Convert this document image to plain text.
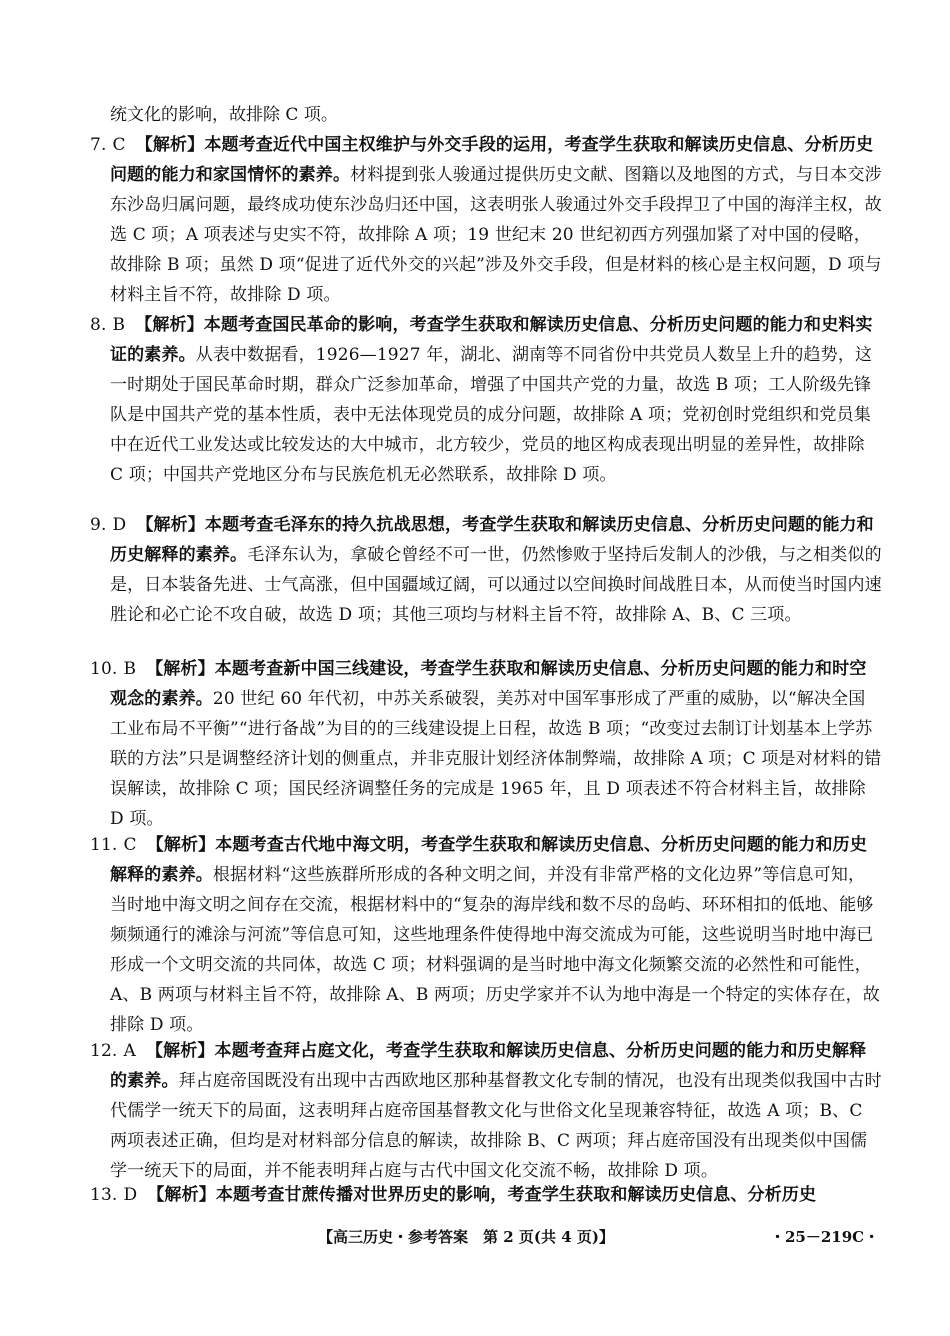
统文化的影响，故排除 C 项。
7. C 【解析】本题考查近代中国主权维护与外交手段的运用，考查学生获取和解读历史信息、分析历史问题的能力和家国情怀的素养。材料提到张人骏通过提供历史文献、图籍以及地图的方式，与日本交涉东沙岛归属问题，最终成功使东沙岛归还中国，这表明张人骏通过外交手段捍卫了中国的海洋主权，故选 C 项；A 项表述与史实不符，故排除 A 项；19 世纪末 20 世纪初西方列强加紧了对中国的侵略，故排除 B 项；虽然 D 项“促进了近代外交的兴起”涉及外交手段，但是材料的核心是主权问题，D 项与材料主旨不符，故排除 D 项。
8. B 【解析】本题考查国民革命的影响，考查学生获取和解读历史信息、分析历史问题的能力和史料实证的素养。从表中数据看，1926—1927 年，湖北、湖南等不同省份中共党员人数呈上升的趋势，这一时期处于国民革命时期，群众广泛参加革命，增强了中国共产党的力量，故选 B 项；工人阶级先锋队是中国共产党的基本性质，表中无法体现党员的成分问题，故排除 A 项；党初创时党组织和党员集中在近代工业发达或比较发达的大中城市，北方较少，党员的地区构成表现出明显的差异性，故排除 C 项；中国共产党地区分布与民族危机无必然联系，故排除 D 项。
9. D 【解析】本题考查毛泽东的持久抗战思想，考查学生获取和解读历史信息、分析历史问题的能力和历史解释的素养。毛泽东认为，拿破仑曾经不可一世，仍然惨败于坚持后发制人的沙俄，与之相类似的是，日本装备先进、士气高涨，但中国疆域辽阔，可以通过以空间换时间战胜日本，从而使当时国内速胜论和必亡论不攻自破，故选 D 项；其他三项均与材料主旨不符，故排除 A、B、C 三项。
10. B 【解析】本题考查新中国三线建设，考查学生获取和解读历史信息、分析历史问题的能力和时空观念的素养。20 世纪 60 年代初，中苏关系破裂，美苏对中国军事形成了严重的威胁，以“解决全国工业布局不平衡”“进行备战”为目的的三线建设提上日程，故选 B 项；“改变过去制订计划基本上学苏联的方法”只是调整经济计划的侧重点，并非克服计划经济体制弊端，故排除 A 项；C 项是对材料的错误解读，故排除 C 项；国民经济调整任务的完成是 1965 年，且 D 项表述不符合材料主旨，故排除 D 项。
11. C 【解析】本题考查古代地中海文明，考查学生获取和解读历史信息、分析历史问题的能力和历史解释的素养。根据材料“这些族群所形成的各种文明之间，并没有非常严格的文化边界”等信息可知，当时地中海文明之间存在交流，根据材料中的“复杂的海岸线和数不尽的岛屿、环环相扣的低地、能够频频通行的滩涂与河流”等信息可知，这些地理条件使得地中海交流成为可能，这些说明当时地中海已形成一个文明交流的共同体，故选 C 项；材料强调的是当时地中海文化频繁交流的必然性和可能性，A、B 两项与材料主旨不符，故排除 A、B 两项；历史学家并不认为地中海是一个特定的实体存在，故排除 D 项。
12. A 【解析】本题考查拜占庭文化，考查学生获取和解读历史信息、分析历史问题的能力和历史解释的素养。拜占庭帝国既没有出现中古西欧地区那种基督教文化专制的情况，也没有出现类似我国中古时代儒学一统天下的局面，这表明拜占庭帝国基督教文化与世俗文化呈现兼容特征，故选 A 项；B、C 两项表述正确，但均是对材料部分信息的解读，故排除 B、C 两项；拜占庭帝国没有出现类似中国儒学一统天下的局面，并不能表明拜占庭与古代中国文化交流不畅，故排除 D 项。
13. D 【解析】本题考查甘蔗传播对世界历史的影响，考查学生获取和解读历史信息、分析历史
【高三历史・参考答案　第 2 页(共 4 页)】	・25－219C・
